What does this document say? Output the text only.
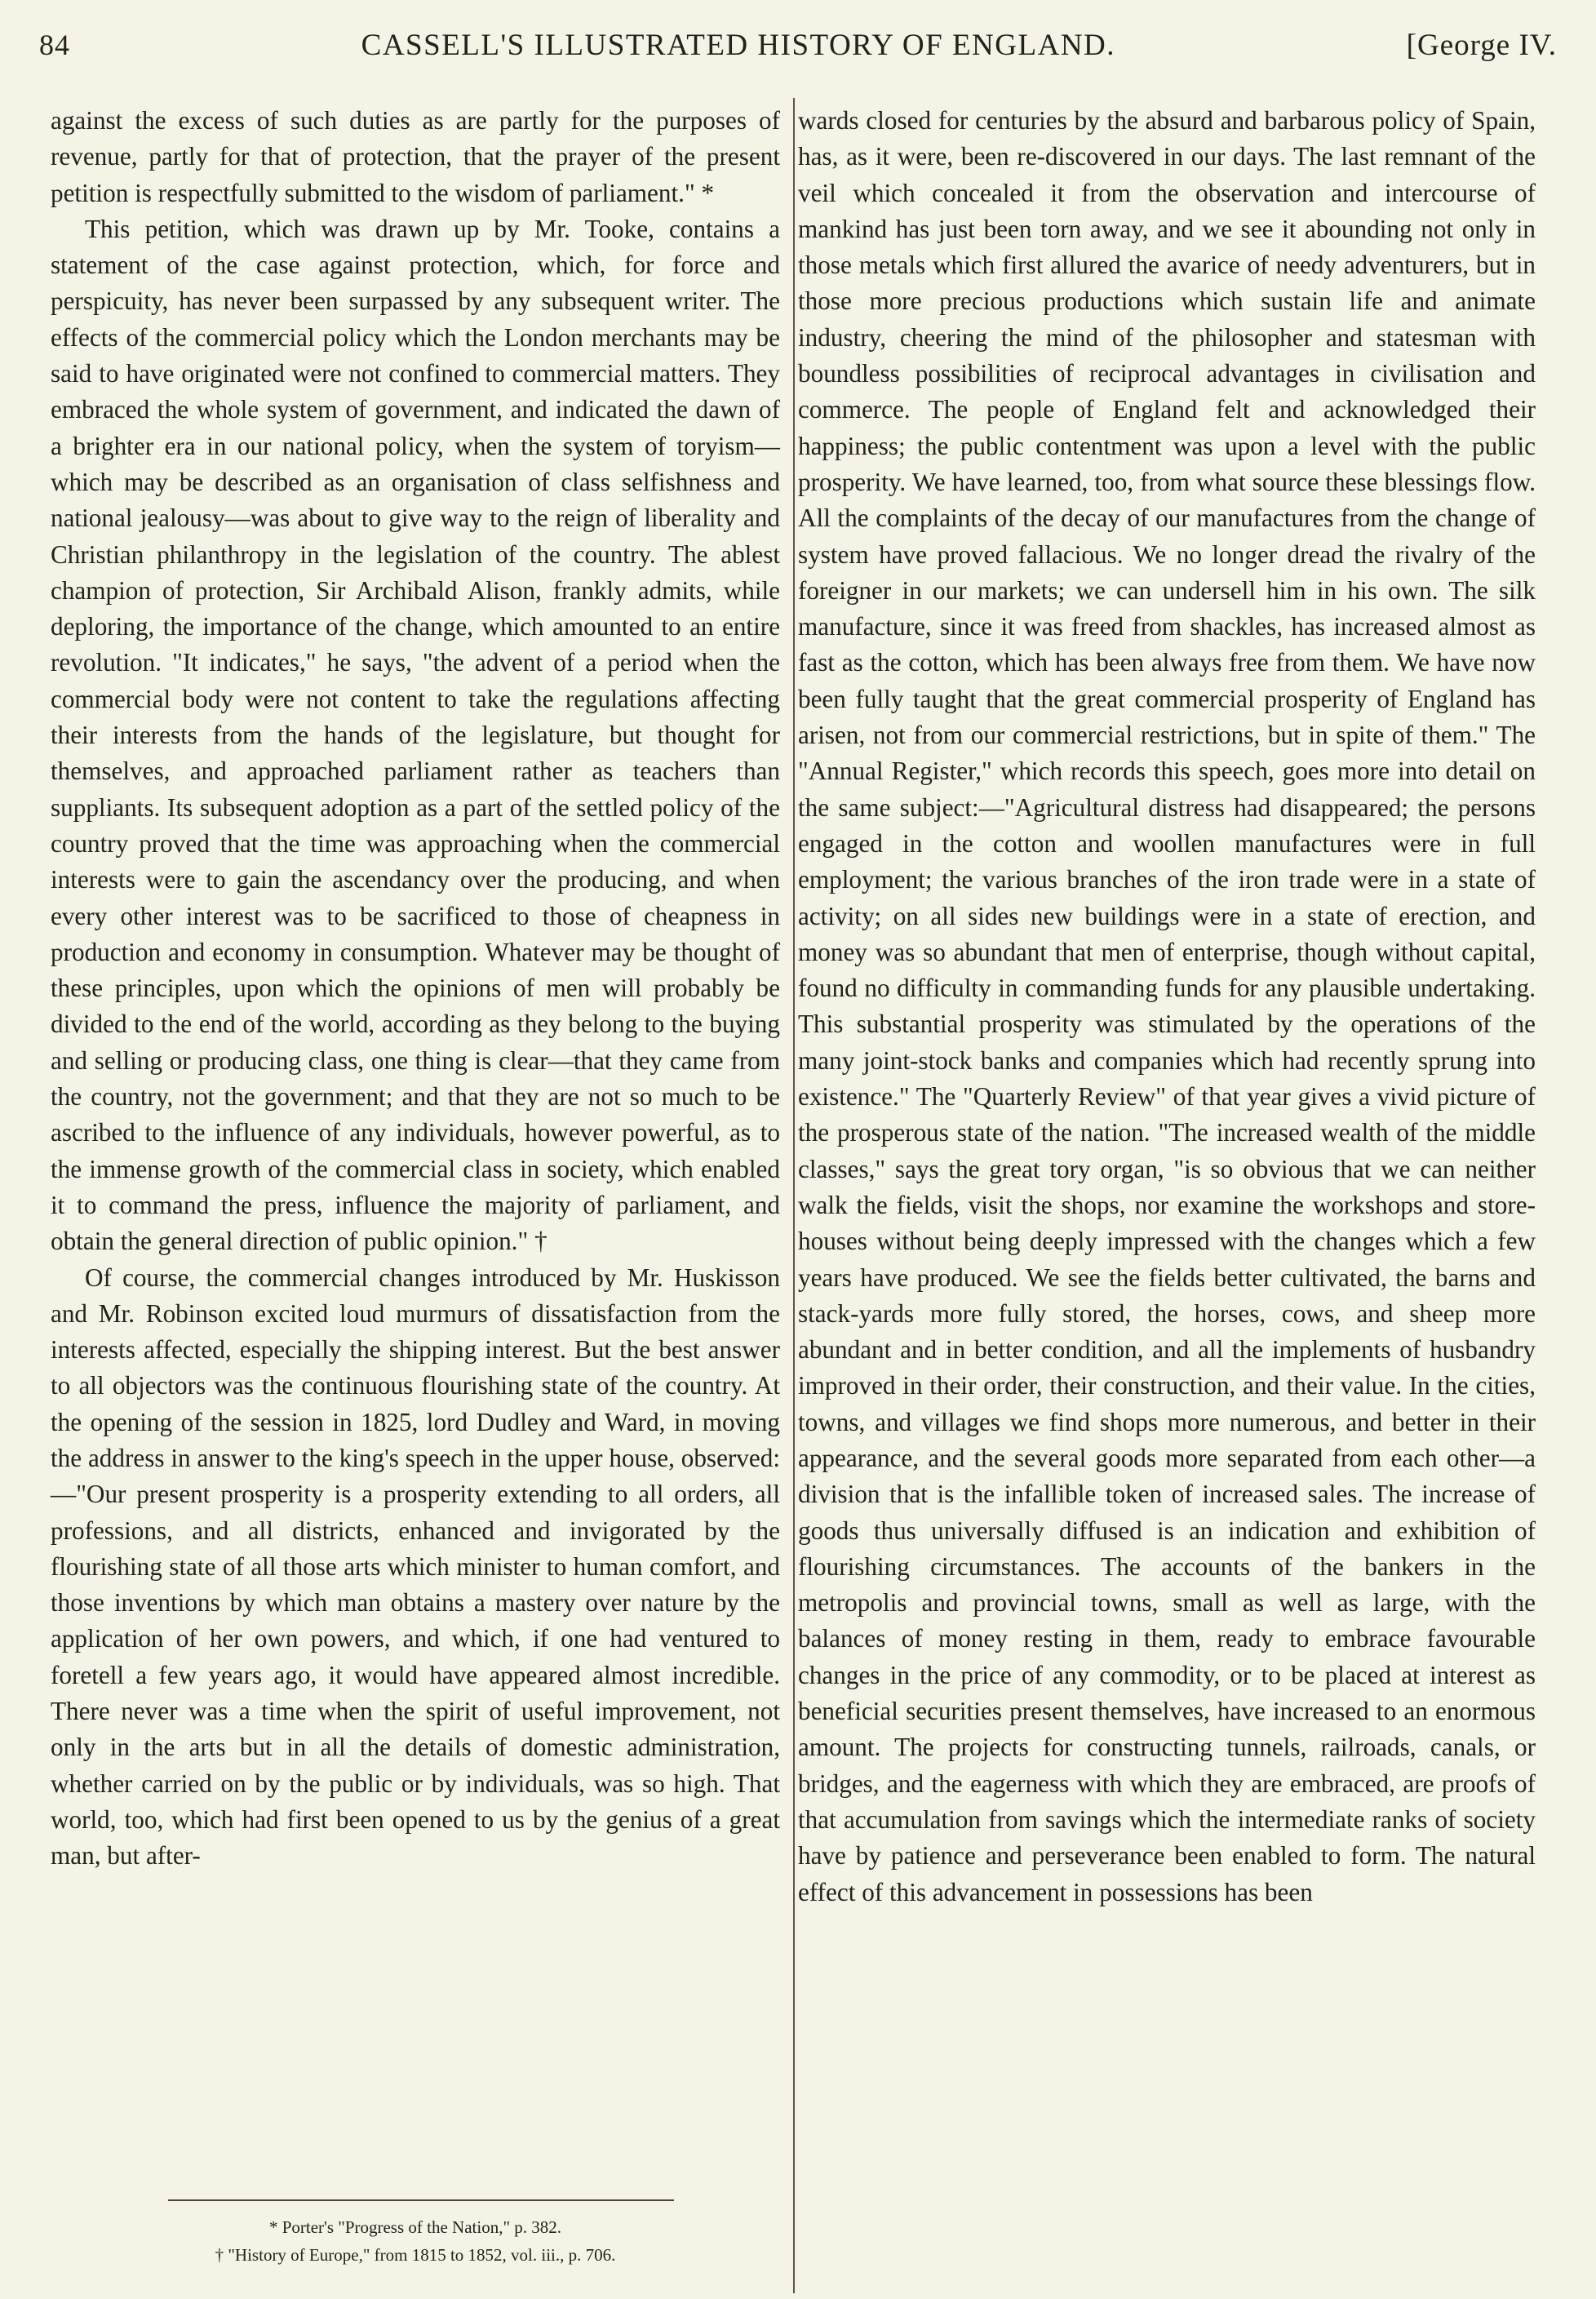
84	CASSELL'S ILLUSTRATED HISTORY OF ENGLAND.	[George IV.

against the excess of such duties as are partly for the purposes of revenue, partly for that of protection, that the prayer of the present petition is respectfully submitted to the wisdom of parliament." *

This petition, which was drawn up by Mr. Tooke, contains a statement of the case against protection, which, for force and perspicuity, has never been surpassed by any subsequent writer. The effects of the commercial policy which the London merchants may be said to have originated were not confined to commercial matters. They embraced the whole system of government, and indicated the dawn of a brighter era in our national policy, when the system of toryism—which may be described as an organisation of class selfishness and national jealousy—was about to give way to the reign of liberality and Christian philanthropy in the legislation of the country. The ablest champion of protection, Sir Archibald Alison, frankly admits, while deploring, the importance of the change, which amounted to an entire revolution. "It indicates," he says, "the advent of a period when the commercial body were not content to take the regulations affecting their interests from the hands of the legislature, but thought for themselves, and approached parliament rather as teachers than suppliants. Its subsequent adoption as a part of the settled policy of the country proved that the time was approaching when the commercial interests were to gain the ascendancy over the producing, and when every other interest was to be sacrificed to those of cheapness in production and economy in consumption. Whatever may be thought of these principles, upon which the opinions of men will probably be divided to the end of the world, according as they belong to the buying and selling or producing class, one thing is clear—that they came from the country, not the government; and that they are not so much to be ascribed to the influence of any individuals, however powerful, as to the immense growth of the commercial class in society, which enabled it to command the press, influence the majority of parliament, and obtain the general direction of public opinion." †

Of course, the commercial changes introduced by Mr. Huskisson and Mr. Robinson excited loud murmurs of dissatisfaction from the interests affected, especially the shipping interest. But the best answer to all objectors was the continuous flourishing state of the country. At the opening of the session in 1825, lord Dudley and Ward, in moving the address in answer to the king's speech in the upper house, observed:—"Our present prosperity is a prosperity extending to all orders, all professions, and all districts, enhanced and invigorated by the flourishing state of all those arts which minister to human comfort, and those inventions by which man obtains a mastery over nature by the application of her own powers, and which, if one had ventured to foretell a few years ago, it would have appeared almost incredible. There never was a time when the spirit of useful improvement, not only in the arts but in all the details of domestic administration, whether carried on by the public or by individuals, was so high. That world, too, which had first been opened to us by the genius of a great man, but after-

wards closed for centuries by the absurd and barbarous policy of Spain, has, as it were, been re-discovered in our days. The last remnant of the veil which concealed it from the observation and intercourse of mankind has just been torn away, and we see it abounding not only in those metals which first allured the avarice of needy adventurers, but in those more precious productions which sustain life and animate industry, cheering the mind of the philosopher and statesman with boundless possibilities of reciprocal advantages in civilisation and commerce. The people of England felt and acknowledged their happiness; the public contentment was upon a level with the public prosperity. We have learned, too, from what source these blessings flow. All the complaints of the decay of our manufactures from the change of system have proved fallacious. We no longer dread the rivalry of the foreigner in our markets; we can undersell him in his own. The silk manufacture, since it was freed from shackles, has increased almost as fast as the cotton, which has been always free from them. We have now been fully taught that the great commercial prosperity of England has arisen, not from our commercial restrictions, but in spite of them." The "Annual Register," which records this speech, goes more into detail on the same subject:—"Agricultural distress had disappeared; the persons engaged in the cotton and woollen manufactures were in full employment; the various branches of the iron trade were in a state of activity; on all sides new buildings were in a state of erection, and money was so abundant that men of enterprise, though without capital, found no difficulty in commanding funds for any plausible undertaking. This substantial prosperity was stimulated by the operations of the many joint-stock banks and companies which had recently sprung into existence." The "Quarterly Review" of that year gives a vivid picture of the prosperous state of the nation. "The increased wealth of the middle classes," says the great tory organ, "is so obvious that we can neither walk the fields, visit the shops, nor examine the workshops and store-houses without being deeply impressed with the changes which a few years have produced. We see the fields better cultivated, the barns and stack-yards more fully stored, the horses, cows, and sheep more abundant and in better condition, and all the implements of husbandry improved in their order, their construction, and their value. In the cities, towns, and villages we find shops more numerous, and better in their appearance, and the several goods more separated from each other—a division that is the infallible token of increased sales. The increase of goods thus universally diffused is an indication and exhibition of flourishing circumstances. The accounts of the bankers in the metropolis and provincial towns, small as well as large, with the balances of money resting in them, ready to embrace favourable changes in the price of any commodity, or to be placed at interest as beneficial securities present themselves, have increased to an enormous amount. The projects for constructing tunnels, railroads, canals, or bridges, and the eagerness with which they are embraced, are proofs of that accumulation from savings which the intermediate ranks of society have by patience and perseverance been enabled to form. The natural effect of this advancement in possessions has been

* Porter's "Progress of the Nation," p. 382.
† "History of Europe," from 1815 to 1852, vol. iii., p. 706.
